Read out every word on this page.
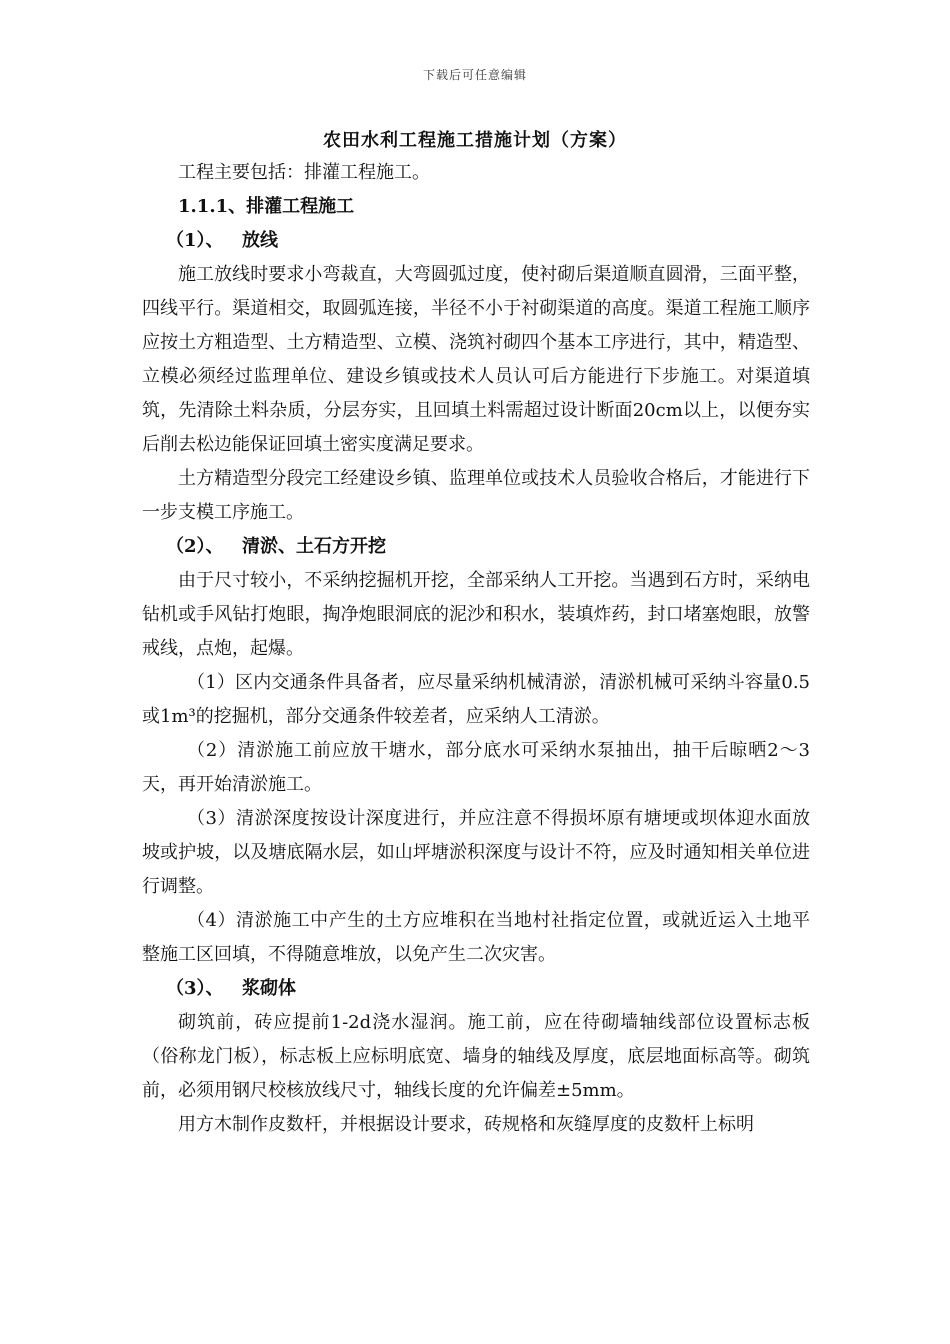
下载后可任意编辑
农田水利工程施工措施计划（方案）

工程主要包括：排灌工程施工。

1.1.1、排灌工程施工

（1）、 放线

施工放线时要求小弯裁直，大弯圆弧过度，使衬砌后渠道顺直圆滑，三面平整，四线平行。渠道相交，取圆弧连接，半径不小于衬砌渠道的高度。渠道工程施工顺序应按土方粗造型、土方精造型、立模、浇筑衬砌四个基本工序进行，其中，精造型、立模必须经过监理单位、建设乡镇或技术人员认可后方能进行下步施工。对渠道填筑，先清除土料杂质，分层夯实，且回填土料需超过设计断面20cm以上，以便夯实后削去松边能保证回填土密实度满足要求。

土方精造型分段完工经建设乡镇、监理单位或技术人员验收合格后，才能进行下一步支模工序施工。

（2）、 清淤、土石方开挖

由于尺寸较小，不采纳挖掘机开挖，全部采纳人工开挖。当遇到石方时，采纳电钻机或手风钻打炮眼，掏净炮眼洞底的泥沙和积水，装填炸药，封口堵塞炮眼，放警戒线，点炮，起爆。

（1）区内交通条件具备者，应尽量采纳机械清淤，清淤机械可采纳斗容量0.5或1m³的挖掘机，部分交通条件较差者，应采纳人工清淤。

（2）清淤施工前应放干塘水，部分底水可采纳水泵抽出，抽干后晾晒2～3天，再开始清淤施工。

（3）清淤深度按设计深度进行，并应注意不得损坏原有塘埂或坝体迎水面放坡或护坡，以及塘底隔水层，如山坪塘淤积深度与设计不符，应及时通知相关单位进行调整。

（4）清淤施工中产生的土方应堆积在当地村社指定位置，或就近运入土地平整施工区回填，不得随意堆放，以免产生二次灾害。

（3）、 浆砌体

砌筑前，砖应提前1-2d浇水湿润。施工前，应在待砌墙轴线部位设置标志板（俗称龙门板），标志板上应标明底宽、墙身的轴线及厚度，底层地面标高等。砌筑前，必须用钢尺校核放线尺寸，轴线长度的允许偏差±5mm。

用方木制作皮数杆，并根据设计要求，砖规格和灰缝厚度的皮数杆上标明
